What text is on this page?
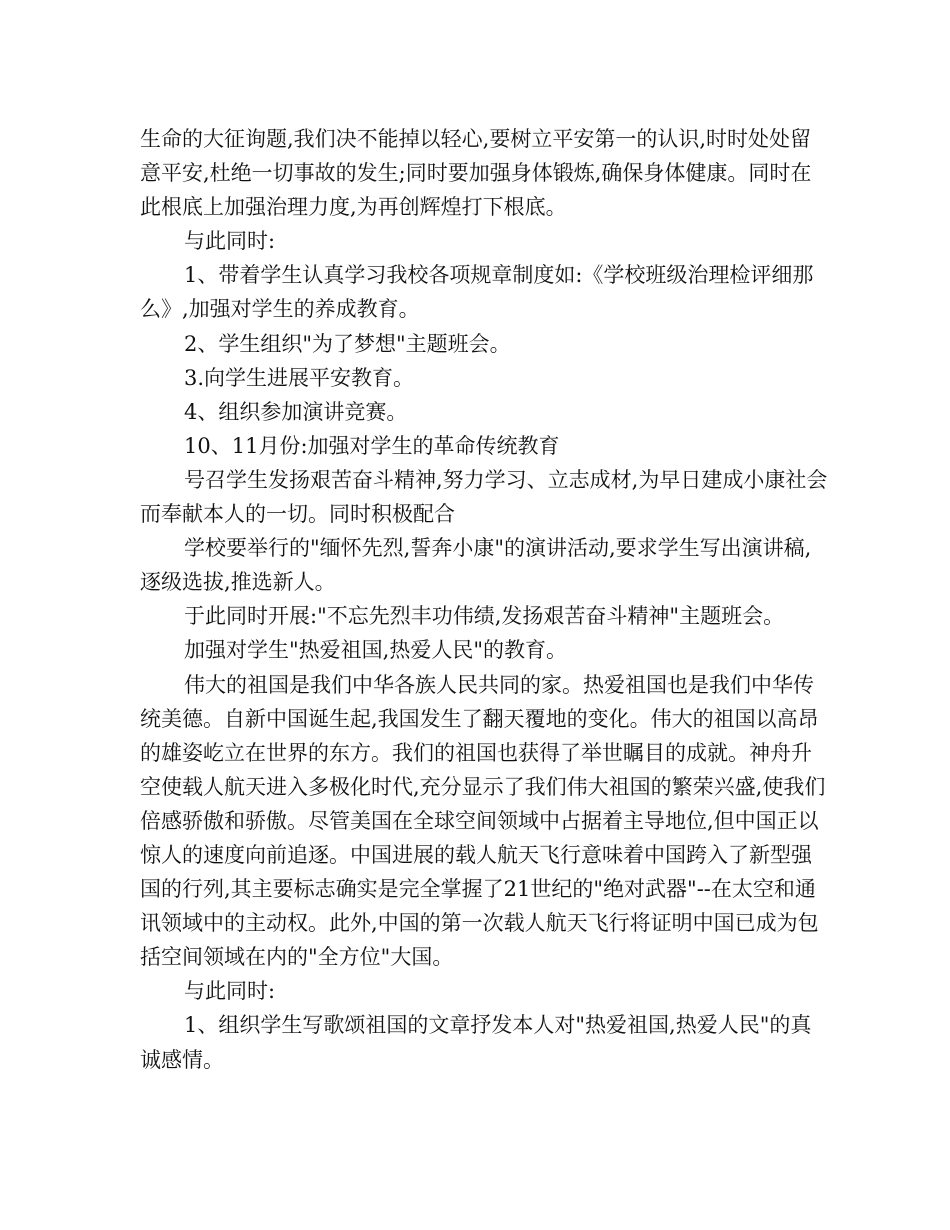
生命的大征询题,我们决不能掉以轻心,要树立平安第一的认识,时时处处留意平安,杜绝一切事故的发生;同时要加强身体锻炼,确保身体健康。同时在此根底上加强治理力度,为再创辉煌打下根底。

与此同时:

1、带着学生认真学习我校各项规章制度如:《学校班级治理检评细那么》,加强对学生的养成教育。

2、学生组织"为了梦想"主题班会。

3.向学生进展平安教育。

4、组织参加演讲竞赛。

10、11月份:加强对学生的革命传统教育

号召学生发扬艰苦奋斗精神,努力学习、立志成材,为早日建成小康社会而奉献本人的一切。同时积极配合

学校要举行的"缅怀先烈,誓奔小康"的演讲活动,要求学生写出演讲稿,逐级选拔,推选新人。

于此同时开展:"不忘先烈丰功伟绩,发扬艰苦奋斗精神"主题班会。

加强对学生"热爱祖国,热爱人民"的教育。

伟大的祖国是我们中华各族人民共同的家。热爱祖国也是我们中华传统美德。自新中国诞生起,我国发生了翻天覆地的变化。伟大的祖国以高昂的雄姿屹立在世界的东方。我们的祖国也获得了举世瞩目的成就。神舟升空使载人航天进入多极化时代,充分显示了我们伟大祖国的繁荣兴盛,使我们倍感骄傲和骄傲。尽管美国在全球空间领域中占据着主导地位,但中国正以惊人的速度向前追逐。中国进展的载人航天飞行意味着中国跨入了新型强国的行列,其主要标志确实是完全掌握了21世纪的"绝对武器"--在太空和通讯领域中的主动权。此外,中国的第一次载人航天飞行将证明中国已成为包括空间领域在内的"全方位"大国。

与此同时:

1、组织学生写歌颂祖国的文章抒发本人对"热爱祖国,热爱人民"的真诚感情。
